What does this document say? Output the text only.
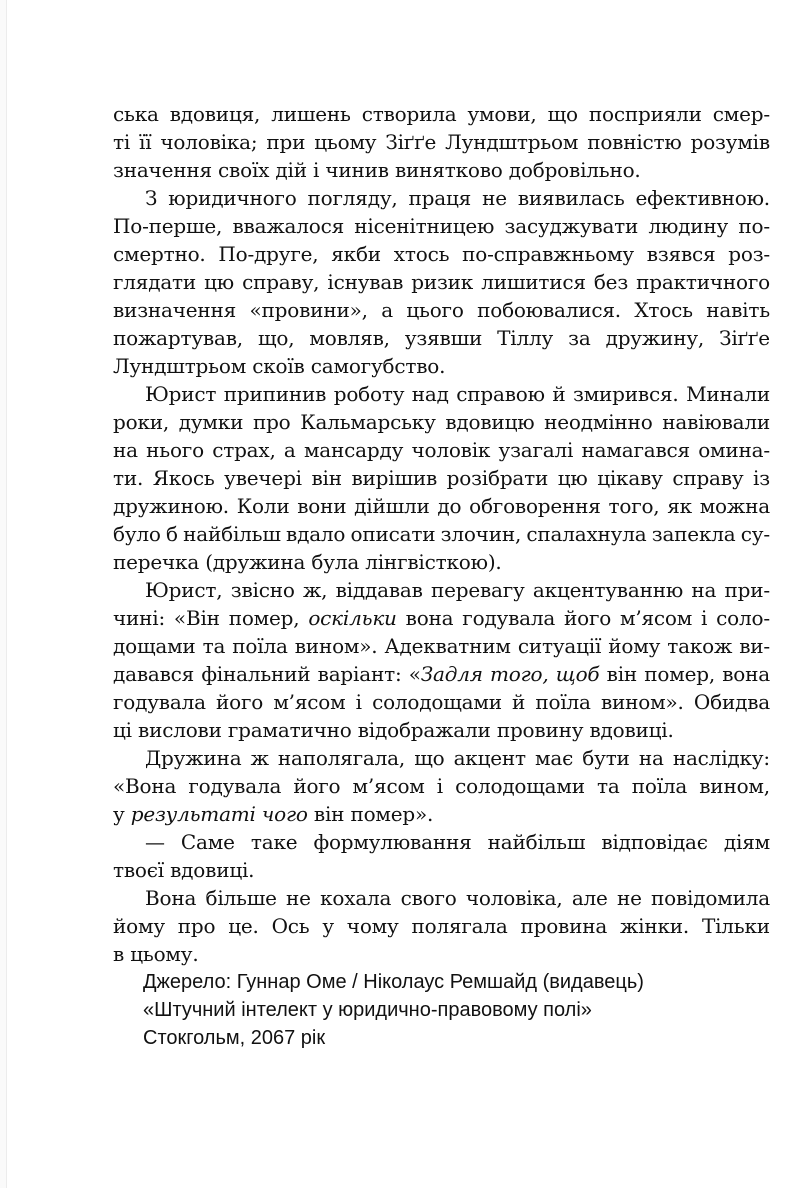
ська вдовиця, лишень створила умови, що посприяли смер-
ті її чоловіка; при цьому Зіґґе Лундштрьом повністю розумів
значення своїх дій і чинив винятково добровільно.
З юридичного погляду, праця не виявилась ефективною.
По-перше, вважалося нісенітницею засуджувати людину по-
смертно. По-друге, якби хтось по-справжньому взявся роз-
глядати цю справу, існував ризик лишитися без практичного
визначення «провини», а цього побоювалися. Хтось навіть
пожартував, що, мовляв, узявши Тіллу за дружину, Зіґґе
Лундштрьом скоїв самогубство.
Юрист припинив роботу над справою й змирився. Минали
роки, думки про Кальмарську вдовицю неодмінно навіювали
на нього страх, а мансарду чоловік узагалі намагався омина-
ти. Якось увечері він вирішив розібрати цю цікаву справу із
дружиною. Коли вони дійшли до обговорення того, як можна
було б найбільш вдало описати злочин, спалахнула запекла су-
перечка (дружина була лінгвісткою).
Юрист, звісно ж, віддавав перевагу акцентуванню на при-
чині: «Він помер, оскільки вона годувала його м’ясом і соло-
дощами та поїла вином». Адекватним ситуації йому також ви-
давався фінальний варіант: «Задля того, щоб він помер, вона
годувала його м’ясом і солодощами й поїла вином». Обидва
ці вислови граматично відображали провину вдовиці.
Дружина ж наполягала, що акцент має бути на наслідку:
«Вона годувала його м’ясом і солодощами та поїла вином,
у результаті чого він помер».
— Саме таке формулювання найбільш відповідає діям
твоєї вдовиці.
Вона більше не кохала свого чоловіка, але не повідомила
йому про це. Ось у чому полягала провина жінки. Тільки
в цьому.
Джерело: Гуннар Оме / Ніколаус Ремшайд (видавець)
«Штучний інтелект у юридично-правовому полі»
Стокгольм, 2067 рік
